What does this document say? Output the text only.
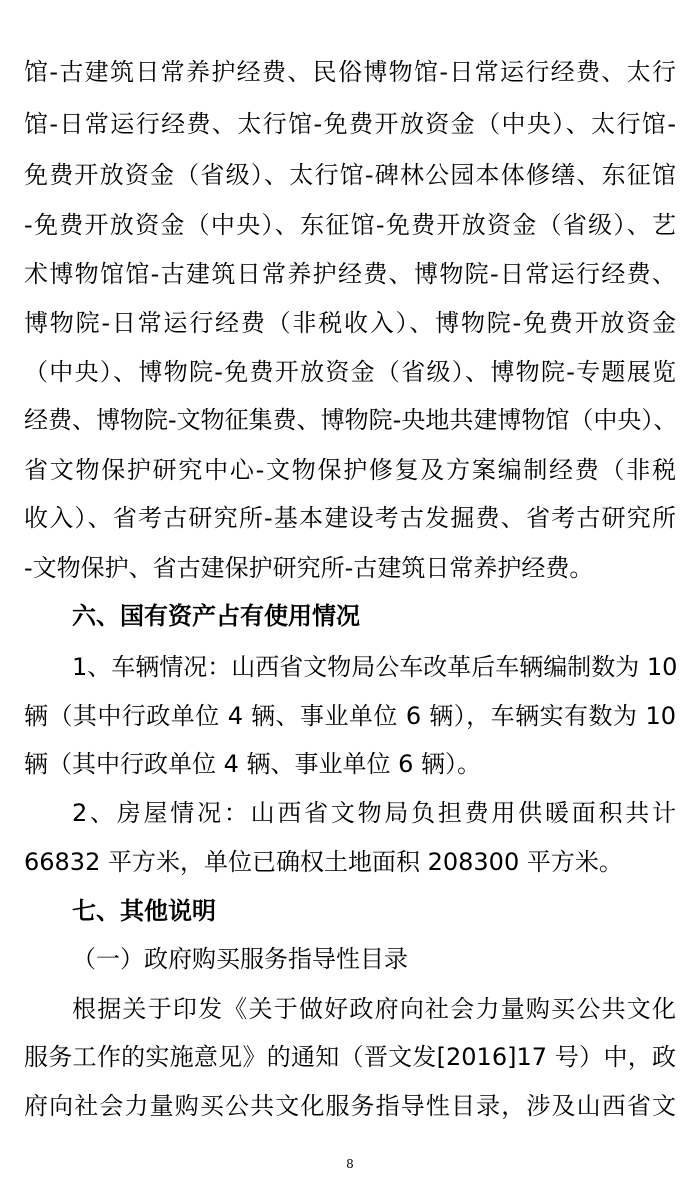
馆-古建筑日常养护经费、民俗博物馆-日常运行经费、太行
馆-日常运行经费、太行馆-免费开放资金（中央）、太行馆-
免费开放资金（省级）、太行馆-碑林公园本体修缮、东征馆
-免费开放资金（中央）、东征馆-免费开放资金（省级）、艺
术博物馆馆-古建筑日常养护经费、博物院-日常运行经费、
博物院-日常运行经费（非税收入）、博物院-免费开放资金
（中央）、博物院-免费开放资金（省级）、博物院-专题展览
经费、博物院-文物征集费、博物院-央地共建博物馆（中央）、
省文物保护研究中心-文物保护修复及方案编制经费（非税
收入）、省考古研究所-基本建设考古发掘费、省考古研究所
-文物保护、省古建保护研究所-古建筑日常养护经费。
六、国有资产占有使用情况
1、车辆情况：山西省文物局公车改革后车辆编制数为 10
辆（其中行政单位 4 辆、事业单位 6 辆），车辆实有数为 10
辆（其中行政单位 4 辆、事业单位 6 辆）。
2、房屋情况：山西省文物局负担费用供暖面积共计
66832 平方米，单位已确权土地面积 208300 平方米。
七、其他说明
（一）政府购买服务指导性目录
根据关于印发《关于做好政府向社会力量购买公共文化
服务工作的实施意见》的通知（晋文发[2016]17 号）中，政
府向社会力量购买公共文化服务指导性目录，涉及山西省文
8
